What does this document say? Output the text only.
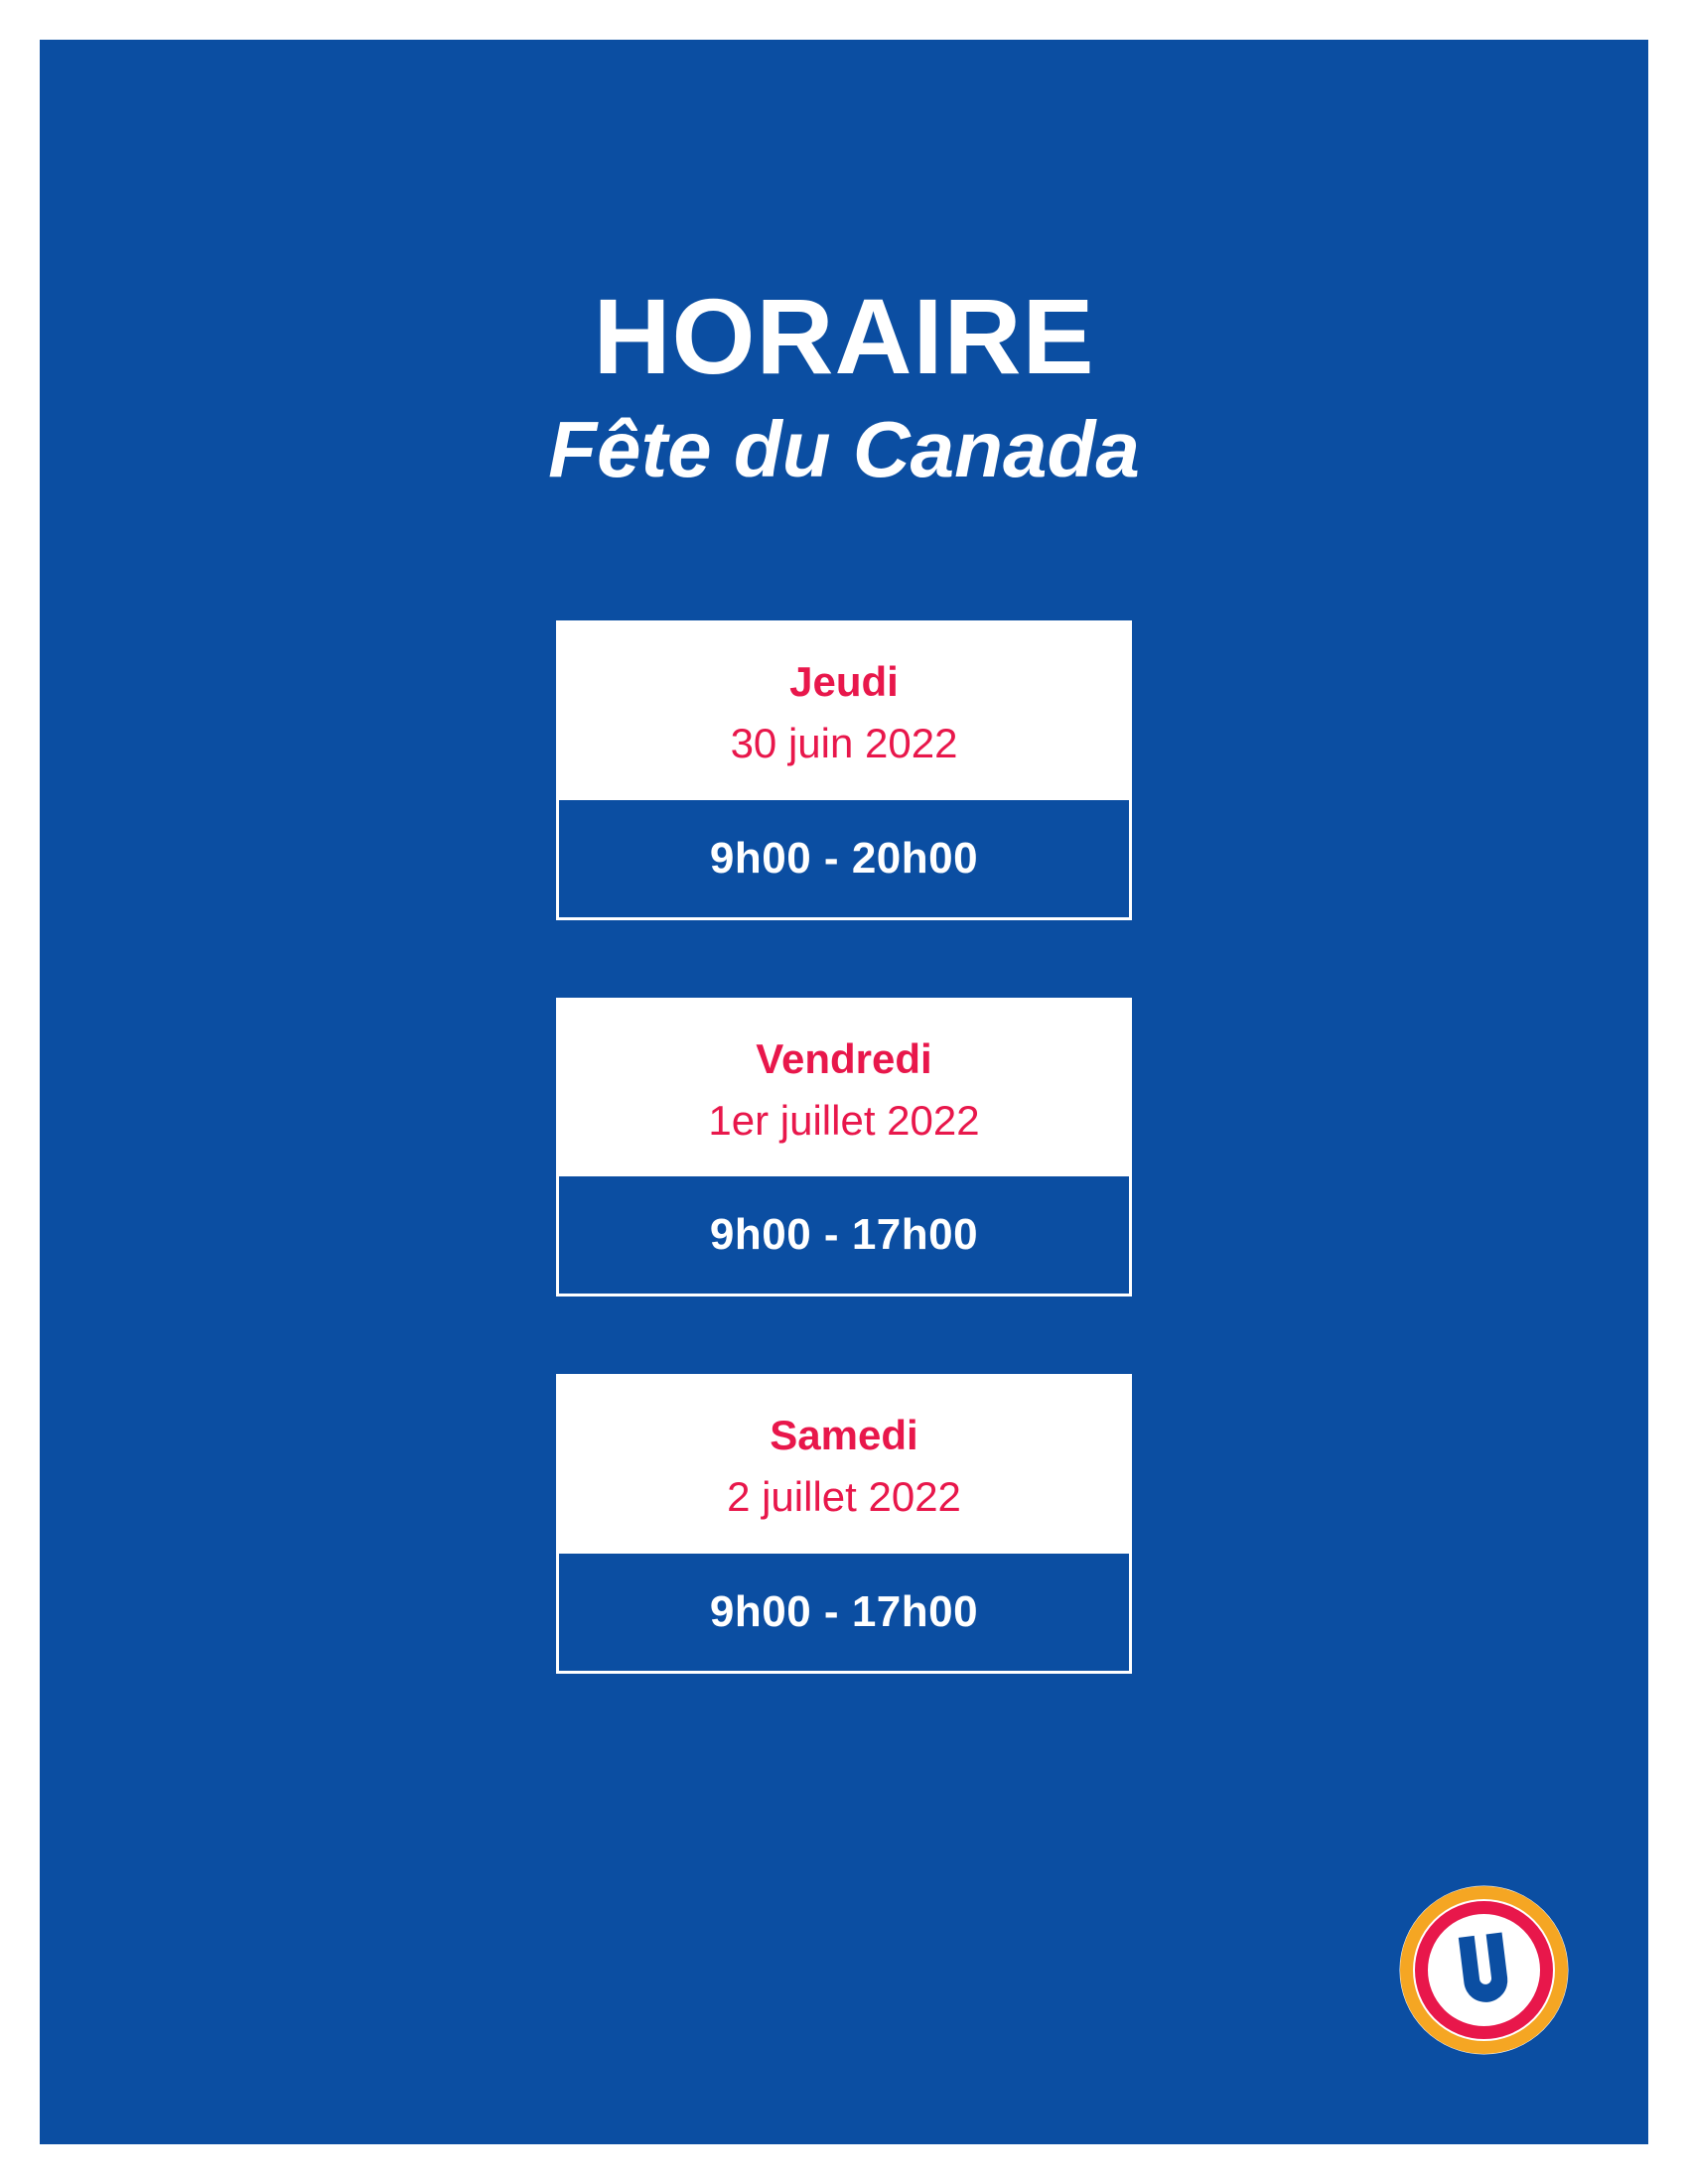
HORAIRE
Fête du Canada
Jeudi
30 juin 2022
9h00 - 20h00
Vendredi
1er juillet 2022
9h00 - 17h00
Samedi
2 juillet 2022
9h00 - 17h00
